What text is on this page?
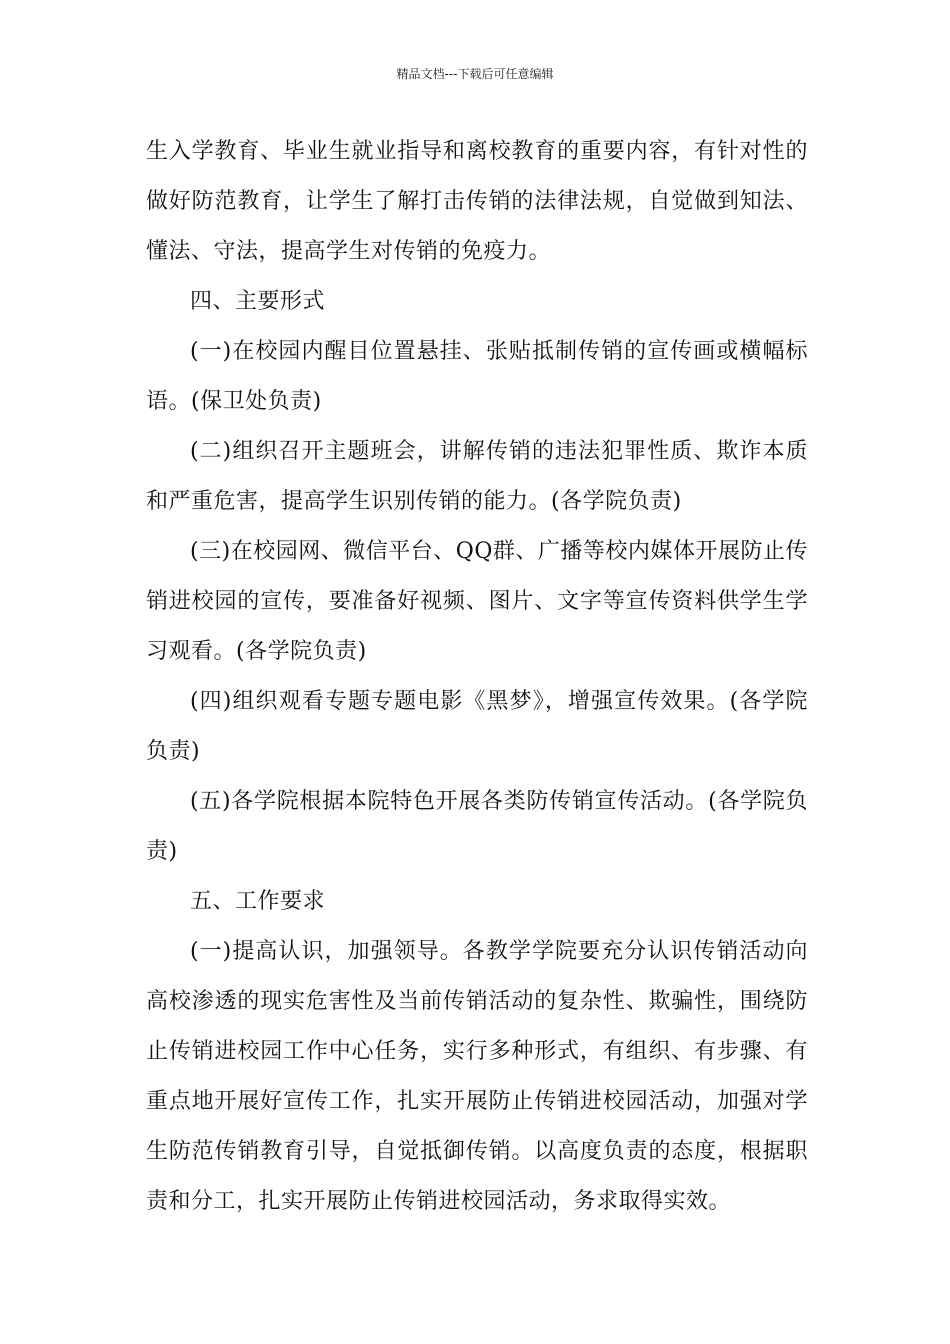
精品文档---下载后可任意编辑

生入学教育、毕业生就业指导和离校教育的重要内容，有针对性的做好防范教育，让学生了解打击传销的法律法规，自觉做到知法、懂法、守法，提高学生对传销的免疫力。

四、主要形式

(一)在校园内醒目位置悬挂、张贴抵制传销的宣传画或横幅标语。(保卫处负责)

(二)组织召开主题班会，讲解传销的违法犯罪性质、欺诈本质和严重危害，提高学生识别传销的能力。(各学院负责)

(三)在校园网、微信平台、QQ群、广播等校内媒体开展防止传销进校园的宣传，要准备好视频、图片、文字等宣传资料供学生学习观看。(各学院负责)

(四)组织观看专题专题电影《黑梦》，增强宣传效果。(各学院负责)

(五)各学院根据本院特色开展各类防传销宣传活动。(各学院负责)

五、工作要求

(一)提高认识，加强领导。各教学学院要充分认识传销活动向高校渗透的现实危害性及当前传销活动的复杂性、欺骗性，围绕防止传销进校园工作中心任务，实行多种形式，有组织、有步骤、有重点地开展好宣传工作，扎实开展防止传销进校园活动，加强对学生防范传销教育引导，自觉抵御传销。以高度负责的态度，根据职责和分工，扎实开展防止传销进校园活动，务求取得实效。
